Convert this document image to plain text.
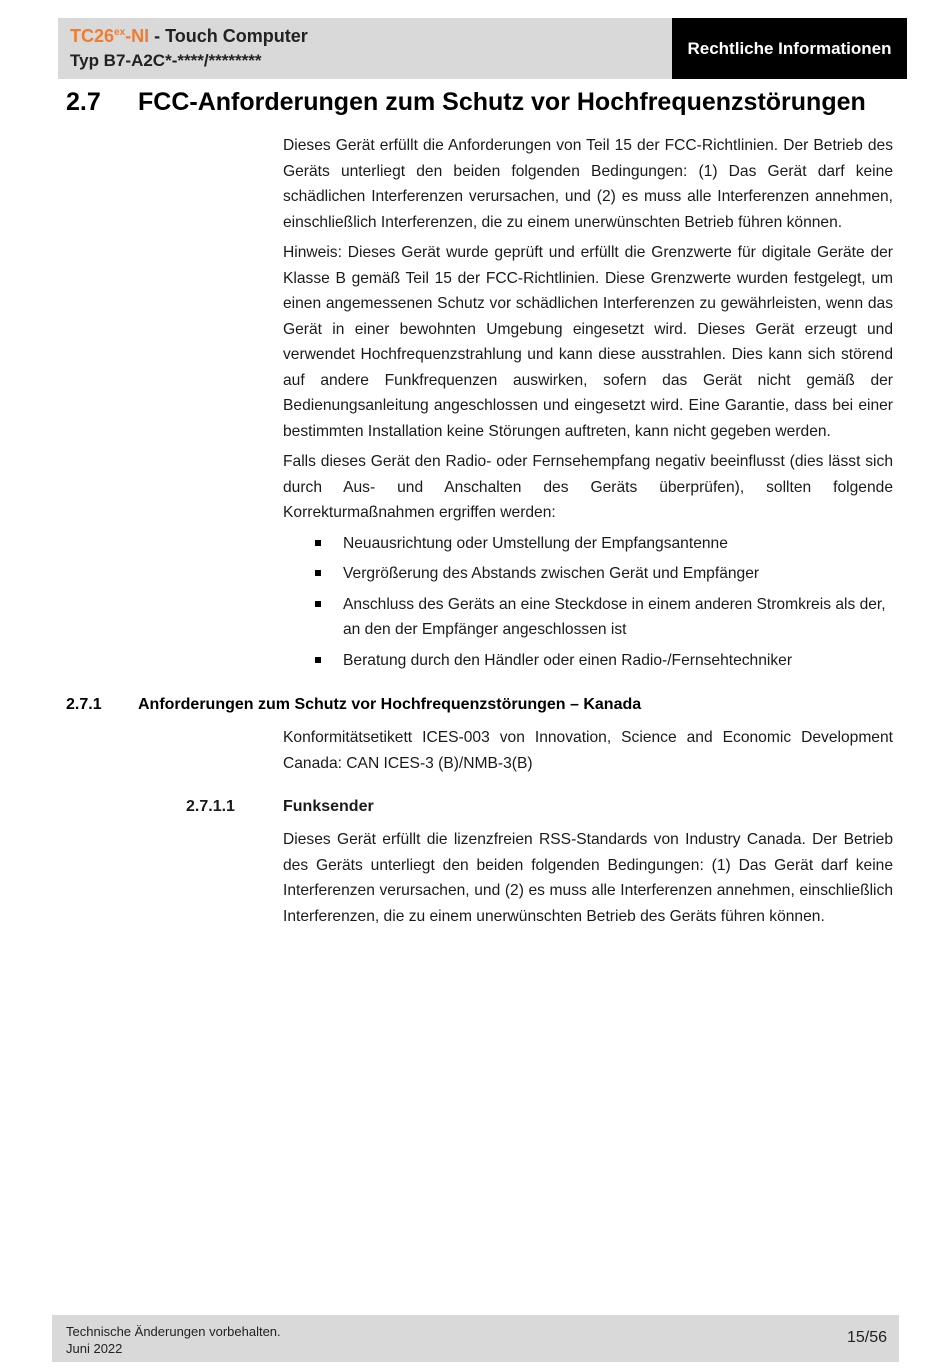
$TC26^{ex}-NI$ - Touch Computer
Typ B7-A2C*-****/********
Rechtliche Informationen
2.7 FCC-Anforderungen zum Schutz vor Hochfrequenzstörungen

Dieses Gerät erfüllt die Anforderungen von Teil 15 der FCC-Richtlinien. Der Betrieb des Geräts unterliegt den beiden folgenden Bedingungen: (1) Das Gerät darf keine schädlichen Interferenzen verursachen, und (2) es muss alle Interferenzen annehmen, einschließlich Interferenzen, die zu einem unerwünschten Betrieb führen können.

Hinweis: Dieses Gerät wurde geprüft und erfüllt die Grenzwerte für digitale Geräte der Klasse B gemäß Teil 15 der FCC-Richtlinien. Diese Grenzwerte wurden festgelegt, um einen angemessenen Schutz vor schädlichen Interferenzen zu gewährleisten, wenn das Gerät in einer bewohnten Umgebung eingesetzt wird. Dieses Gerät erzeugt und verwendet Hochfrequenzstrahlung und kann diese ausstrahlen. Dies kann sich störend auf andere Funkfrequenzen auswirken, sofern das Gerät nicht gemäß der Bedienungsanleitung angeschlossen und eingesetzt wird. Eine Garantie, dass bei einer bestimmten Installation keine Störungen auftreten, kann nicht gegeben werden.

Falls dieses Gerät den Radio- oder Fernsehempfang negativ beeinflusst (dies lässt sich durch Aus- und Anschalten des Geräts überprüfen), sollten folgende Korrekturmaßnahmen ergriffen werden:

Neuausrichtung oder Umstellung der Empfangsantenne
Vergrößerung des Abstands zwischen Gerät und Empfänger
Anschluss des Geräts an eine Steckdose in einem anderen Stromkreis als der, an den der Empfänger angeschlossen ist
Beratung durch den Händler oder einen Radio-/Fernsehtechniker
2.7.1 Anforderungen zum Schutz vor Hochfrequenzstörungen – Kanada

Konformitätsetikett ICES-003 von Innovation, Science and Economic Development Canada: CAN ICES-3 (B)/NMB-3(B)

2.7.1.1	Funksender

Dieses Gerät erfüllt die lizenzfreien RSS-Standards von Industry Canada. Der Betrieb des Geräts unterliegt den beiden folgenden Bedingungen: (1) Das Gerät darf keine Interferenzen verursachen, und (2) es muss alle Interferenzen annehmen, einschließlich Interferenzen, die zu einem unerwünschten Betrieb des Geräts führen können.

Technische Änderungen vorbehalten.
Juni 2022
15/56
